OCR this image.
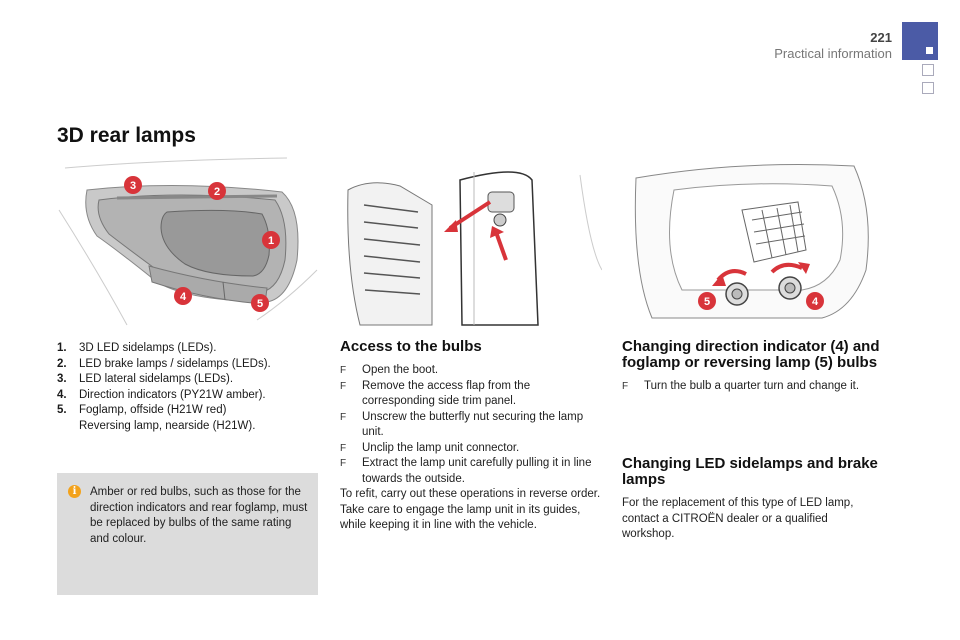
221
Practical information
3D rear lamps
3	2
1
4
5	5	4
1.	3D LED sidelamps (LEDs).
2.	LED brake lamps / sidelamps (LEDs).
3.	LED lateral sidelamps (LEDs).
4.	Direction indicators (PY21W amber).
5.	Foglamp, offside (H21W red)
Reversing lamp, nearside (H21W).
i	Amber or red bulbs, such as those for the direction indicators and rear foglamp, must be replaced by bulbs of the same rating and colour.
Access to the bulbs
F	Open the boot.
F	Remove the access flap from the corresponding side trim panel.
F	Unscrew the butterfly nut securing the lamp unit.
F	Unclip the lamp unit connector.
F	Extract the lamp unit carefully pulling it in line towards the outside.

To refit, carry out these operations in reverse order.

Take care to engage the lamp unit in its guides, while keeping it in line with the vehicle.

Changing direction indicator (4) and foglamp or reversing lamp (5) bulbs
F	Turn the bulb a quarter turn and change it.
Changing LED sidelamps and brake lamps

For the replacement of this type of LED lamp, contact a CITROËN dealer or a qualified workshop.
